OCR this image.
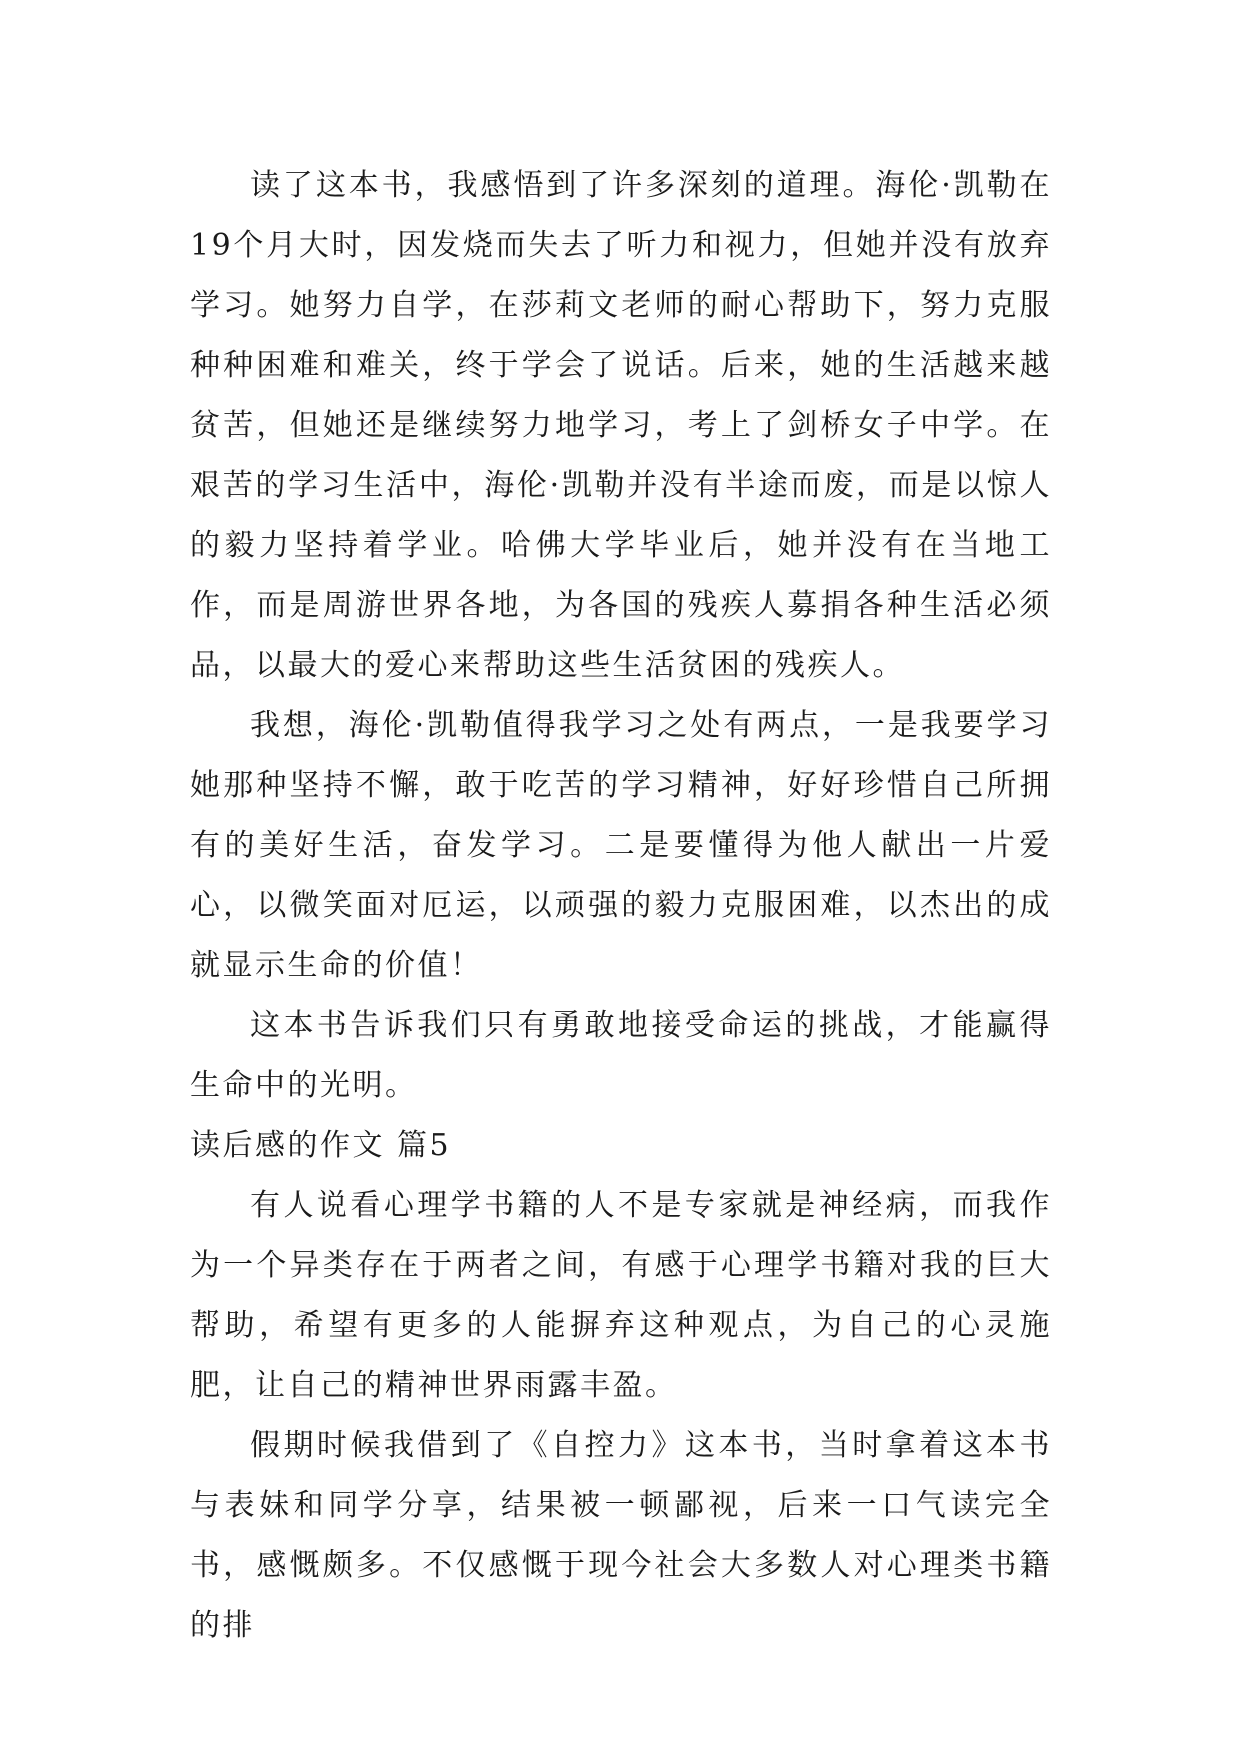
读了这本书，我感悟到了许多深刻的道理。海伦·凯勒在19个月大时，因发烧而失去了听力和视力，但她并没有放弃学习。她努力自学，在莎莉文老师的耐心帮助下，努力克服种种困难和难关，终于学会了说话。后来，她的生活越来越贫苦，但她还是继续努力地学习，考上了剑桥女子中学。在艰苦的学习生活中，海伦·凯勒并没有半途而废，而是以惊人的毅力坚持着学业。哈佛大学毕业后，她并没有在当地工作，而是周游世界各地，为各国的残疾人募捐各种生活必须品，以最大的爱心来帮助这些生活贫困的残疾人。

我想，海伦·凯勒值得我学习之处有两点，一是我要学习她那种坚持不懈，敢于吃苦的学习精神，好好珍惜自己所拥有的美好生活，奋发学习。二是要懂得为他人献出一片爱心，以微笑面对厄运，以顽强的毅力克服困难，以杰出的成就显示生命的价值！

这本书告诉我们只有勇敢地接受命运的挑战，才能赢得生命中的光明。

读后感的作文 篇5

有人说看心理学书籍的人不是专家就是神经病，而我作为一个异类存在于两者之间，有感于心理学书籍对我的巨大帮助，希望有更多的人能摒弃这种观点，为自己的心灵施肥，让自己的精神世界雨露丰盈。

假期时候我借到了《自控力》这本书，当时拿着这本书与表妹和同学分享，结果被一顿鄙视，后来一口气读完全书，感慨颇多。不仅感慨于现今社会大多数人对心理类书籍的排
